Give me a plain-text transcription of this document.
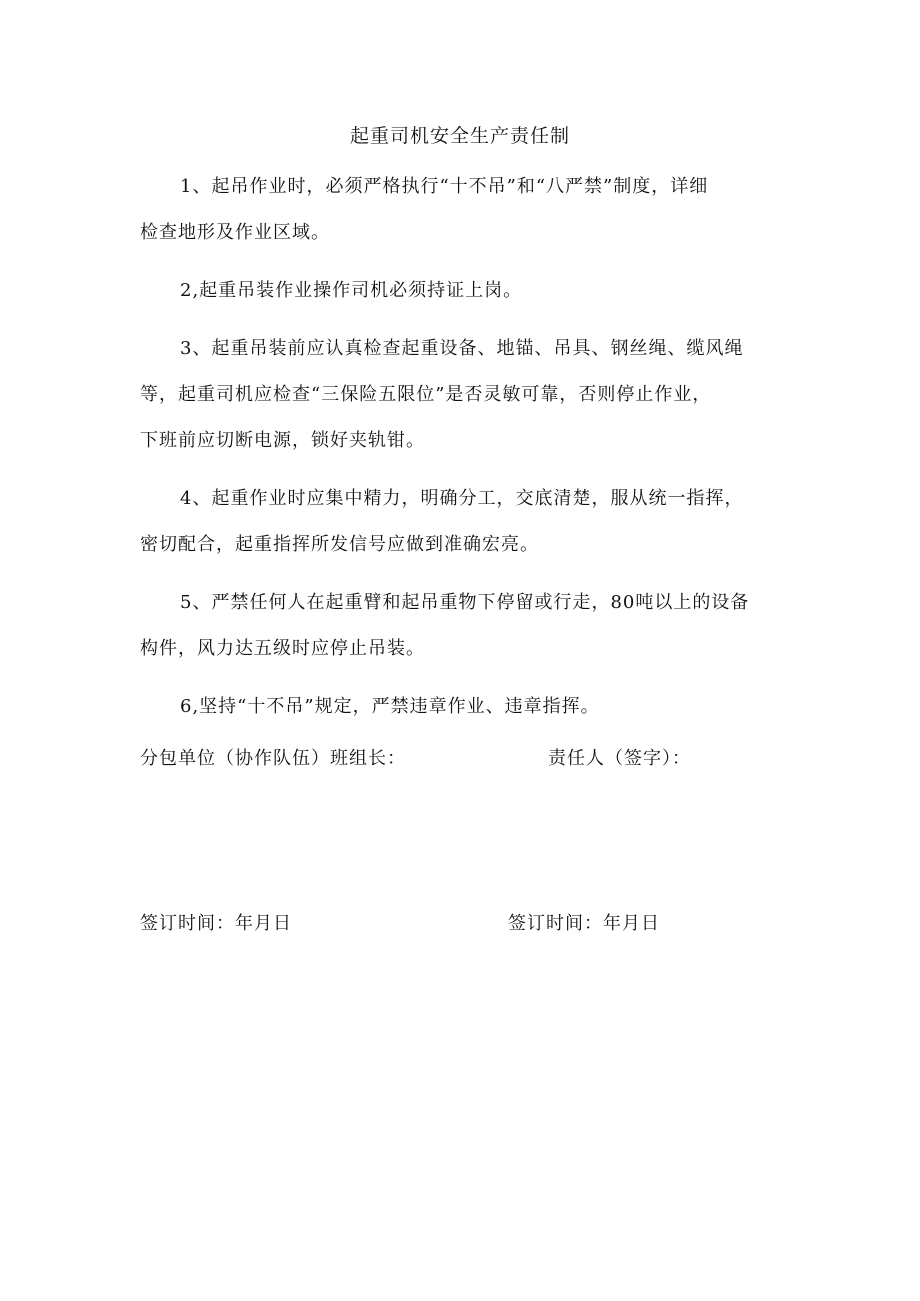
起重司机安全生产责任制

1、起吊作业时，必须严格执行“十不吊”和“八严禁”制度，详细
检查地形及作业区域。

2,起重吊装作业操作司机必须持证上岗。

3、起重吊装前应认真检查起重设备、地锚、吊具、钢丝绳、缆风绳
等，起重司机应检查“三保险五限位”是否灵敏可靠，否则停止作业，
下班前应切断电源，锁好夹轨钳。

4、起重作业时应集中精力，明确分工，交底清楚，服从统一指挥，
密切配合，起重指挥所发信号应做到准确宏亮。

5、严禁任何人在起重臂和起吊重物下停留或行走，80吨以上的设备
构件，风力达五级时应停止吊装。

6,坚持“十不吊”规定，严禁违章作业、违章指挥。

分包单位（协作队伍）班组长：	责任人（签字）：
签订时间：年月日	签订时间：年月日
